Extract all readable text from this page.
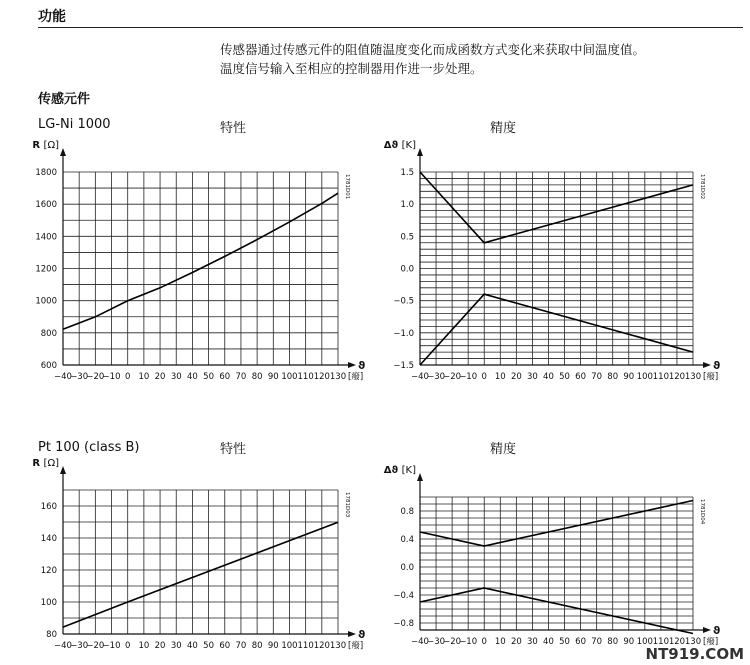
功能
传感器通过传感元件的阻值随温度变化而成函数方式变化来获取中间温度值。
温度信号输入至相应的控制器用作进一步处理。
传感元件
LG-Ni 1000	特性	精度
Pt 100 (class B)	特性	精度
−40
−30
−20
−10 0 10 20 30 40 50 60 70 80 90 100 110 120 130
600
800
1000
1200
1400
1600
1800
R [Ω]
ϑ
[癈]
1781D01
−40
−30
−20
−10 0 10 20 30 40 50 60 70 80 90 100 110 120 130
−1.5
−1.0
−0.5
0.0
0.5
1.0
1.5
Δϑ [K]
ϑ
[癈]
1781D02
−40
−30
−20
−10 0 10 20 30 40 50 60 70 80 90 100 110 120 130
80
100
120
140
160
R [Ω]
ϑ
[癈]
1781D03
−40
−30
−20
−10 0 10 20 30 40 50 60 70 80 90 100 110 120 130
−0.8
−0.4
0.0
0.4
0.8
Δϑ [K]
ϑ
[癈]
1781D04
NT919.COM
